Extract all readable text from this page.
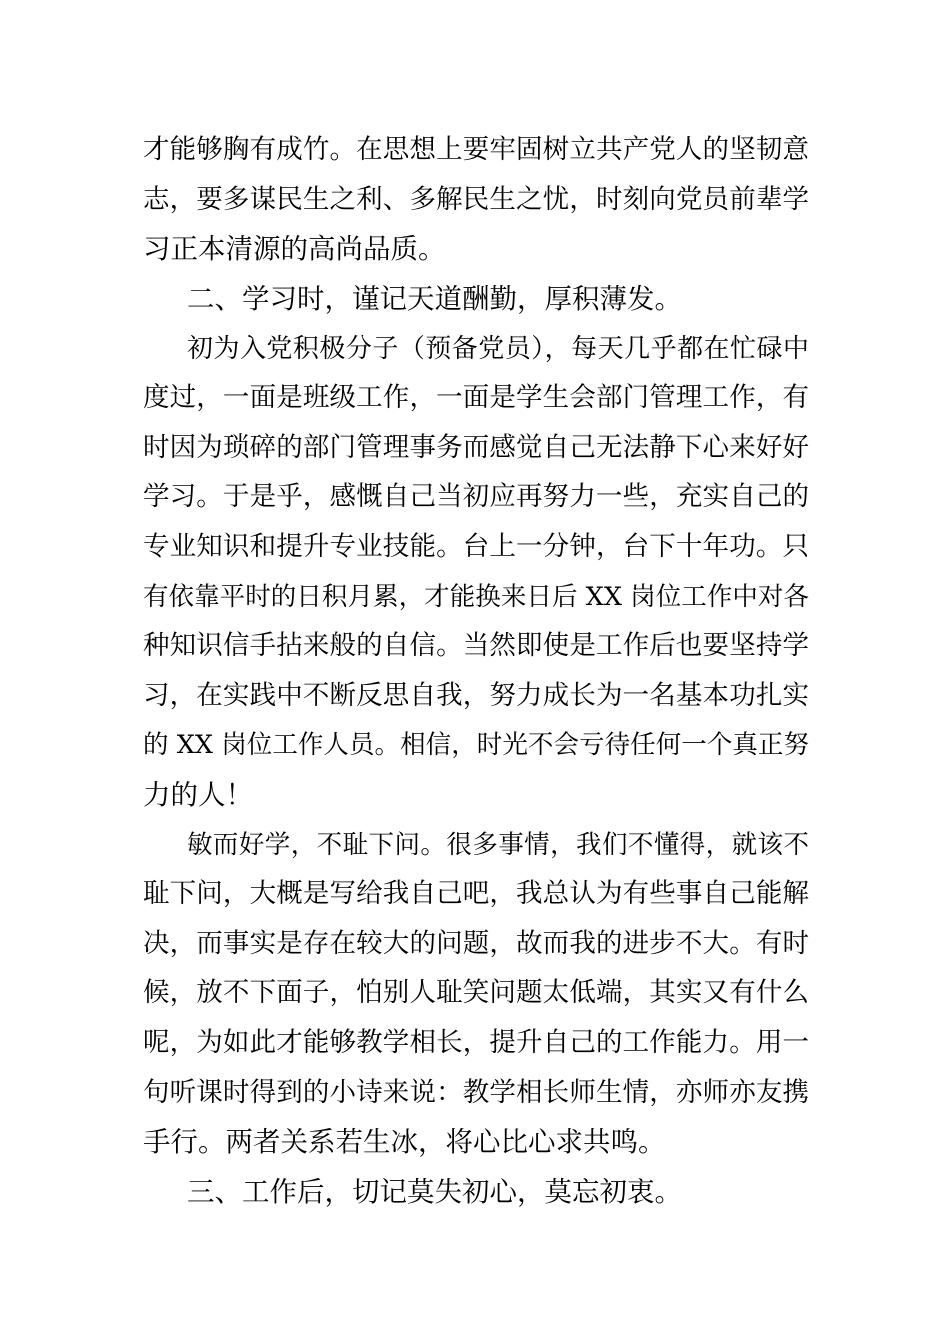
才能够胸有成竹。在思想上要牢固树立共产党人的坚韧意
志，要多谋民生之利、多解民生之忧，时刻向党员前辈学
习正本清源的高尚品质。
二、学习时，谨记天道酬勤，厚积薄发。
初为入党积极分子（预备党员），每天几乎都在忙碌中
度过，一面是班级工作，一面是学生会部门管理工作，有
时因为琐碎的部门管理事务而感觉自己无法静下心来好好
学习。于是乎，感慨自己当初应再努力一些，充实自己的
专业知识和提升专业技能。台上一分钟，台下十年功。只
有依靠平时的日积月累，才能换来日后 XX 岗位工作中对各
种知识信手拈来般的自信。当然即使是工作后也要坚持学
习，在实践中不断反思自我，努力成长为一名基本功扎实
的 XX 岗位工作人员。相信，时光不会亏待任何一个真正努
力的人！
敏而好学，不耻下问。很多事情，我们不懂得，就该不
耻下问，大概是写给我自己吧，我总认为有些事自己能解
决，而事实是存在较大的问题，故而我的进步不大。有时
候，放不下面子，怕别人耻笑问题太低端，其实又有什么
呢，为如此才能够教学相长，提升自己的工作能力。用一
句听课时得到的小诗来说：教学相长师生情，亦师亦友携
手行。两者关系若生冰，将心比心求共鸣。
三、工作后，切记莫失初心，莫忘初衷。
